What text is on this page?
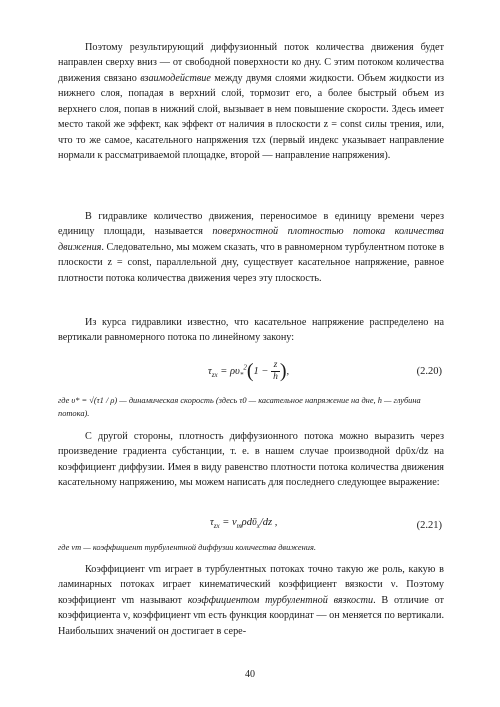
Поэтому результирующий диффузионный поток количества движения будет направлен сверху вниз — от свободной поверхности ко дну. С этим потоком количества движения связано взаимодействие между двумя слоями жидкости. Объем жидкости из нижнего слоя, попадая в верхний слой, тормозит его, а более быстрый объем из верхнего слоя, попав в нижний слой, вызывает в нем повышение скорости. Здесь имеет место такой же эффект, как эффект от наличия в плоскости z = const силы трения, или, что то же самое, касательного напряжения τzx (первый индекс указывает направление нормали к рассматриваемой площадке, второй — направление напряжения).

В гидравлике количество движения, переносимое в единицу времени через единицу площади, называется поверхностной плотностью потока количества движения. Следовательно, мы можем сказать, что в равномерном турбулентном потоке в плоскости z = const, параллельной дну, существует касательное напряжение, равное плотности потока количества движения через эту плоскость.

Из курса гидравлики известно, что касательное напряжение распределено на вертикали равномерного потока по линейному закону:

$\tau_{zx} = \rho\upsilon_*^2(1 - \frac{z}{h}$ ),	(2.20)
где υ* = √(τ1 / ρ) — динамическая скорость (здесь τ0 — касательное напряжение на дне, h — глубина потока).

С другой стороны, плотность диффузионного потока можно выразить через произведение градиента субстанции, т. е. в нашем случае производной dρῡx/dz на коэффициент диффузии. Имея в виду равенство плотности потока количества движения касательному напряжению, мы можем написать для последнего следующее выражение:

$\tau_{zx}$ = $\nu_m\rho dῡ_x/dz$ ,	(2.21)
где νm — коэффициент турбулентной диффузии количества движения.

Коэффициент νm играет в турбулентных потоках точно такую же роль, какую в ламинарных потоках играет кинематический коэффициент вязкости ν. Поэтому коэффициент νm называют коэффициентом турбулентной вязкости. В отличие от коэффициента ν, коэффициент νm есть функция координат — он меняется по вертикали. Наибольших значений он достигает в сере-

40
